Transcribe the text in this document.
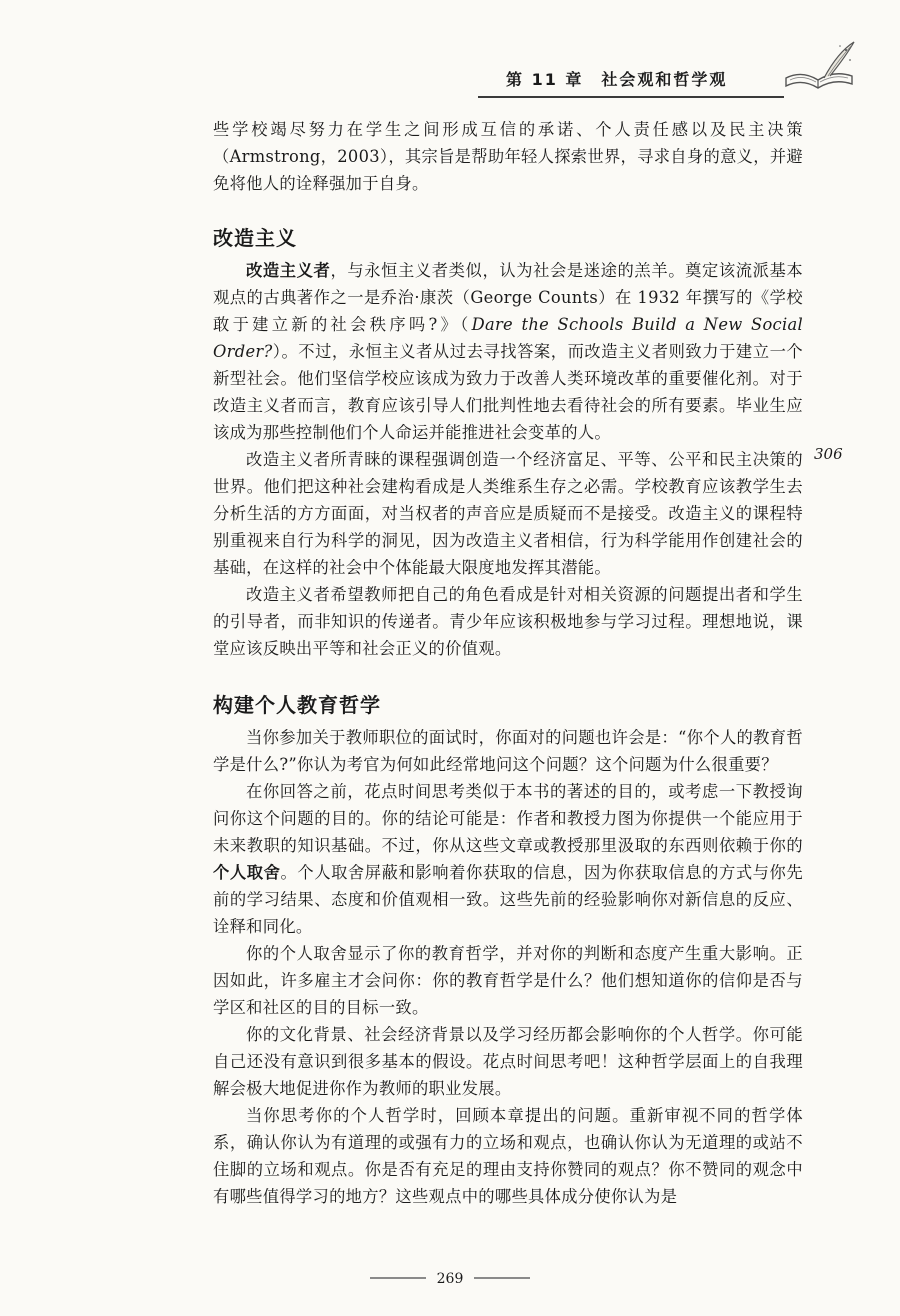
第 11 章 社会观和哲学观

些学校竭尽努力在学生之间形成互信的承诺、个人责任感以及民主决策（Armstrong，2003），其宗旨是帮助年轻人探索世界，寻求自身的意义，并避免将他人的诠释强加于自身。

改造主义

改造主义者，与永恒主义者类似，认为社会是迷途的羔羊。奠定该流派基本观点的古典著作之一是乔治·康茨（George Counts）在 1932 年撰写的《学校敢于建立新的社会秩序吗?》（Dare the Schools Build a New Social Order?）。不过，永恒主义者从过去寻找答案，而改造主义者则致力于建立一个新型社会。他们坚信学校应该成为致力于改善人类环境改革的重要催化剂。对于改造主义者而言，教育应该引导人们批判性地去看待社会的所有要素。毕业生应该成为那些控制他们个人命运并能推进社会变革的人。

改造主义者所青睐的课程强调创造一个经济富足、平等、公平和民主决策的世界。他们把这种社会建构看成是人类维系生存之必需。学校教育应该教学生去分析生活的方方面面，对当权者的声音应是质疑而不是接受。改造主义的课程特别重视来自行为科学的洞见，因为改造主义者相信，行为科学能用作创建社会的基础，在这样的社会中个体能最大限度地发挥其潜能。

改造主义者希望教师把自己的角色看成是针对相关资源的问题提出者和学生的引导者，而非知识的传递者。青少年应该积极地参与学习过程。理想地说，课堂应该反映出平等和社会正义的价值观。

构建个人教育哲学

当你参加关于教师职位的面试时，你面对的问题也许会是：“你个人的教育哲学是什么?”你认为考官为何如此经常地问这个问题？这个问题为什么很重要？

在你回答之前，花点时间思考类似于本书的著述的目的，或考虑一下教授询问你这个问题的目的。你的结论可能是：作者和教授力图为你提供一个能应用于未来教职的知识基础。不过，你从这些文章或教授那里汲取的东西则依赖于你的个人取舍。个人取舍屏蔽和影响着你获取的信息，因为你获取信息的方式与你先前的学习结果、态度和价值观相一致。这些先前的经验影响你对新信息的反应、诠释和同化。

你的个人取舍显示了你的教育哲学，并对你的判断和态度产生重大影响。正因如此，许多雇主才会问你：你的教育哲学是什么？他们想知道你的信仰是否与学区和社区的目的目标一致。

你的文化背景、社会经济背景以及学习经历都会影响你的个人哲学。你可能自己还没有意识到很多基本的假设。花点时间思考吧！这种哲学层面上的自我理解会极大地促进你作为教师的职业发展。

当你思考你的个人哲学时，回顾本章提出的问题。重新审视不同的哲学体系，确认你认为有道理的或强有力的立场和观点，也确认你认为无道理的或站不住脚的立场和观点。你是否有充足的理由支持你赞同的观点？你不赞同的观念中有哪些值得学习的地方？这些观点中的哪些具体成分使你认为是

306
269
